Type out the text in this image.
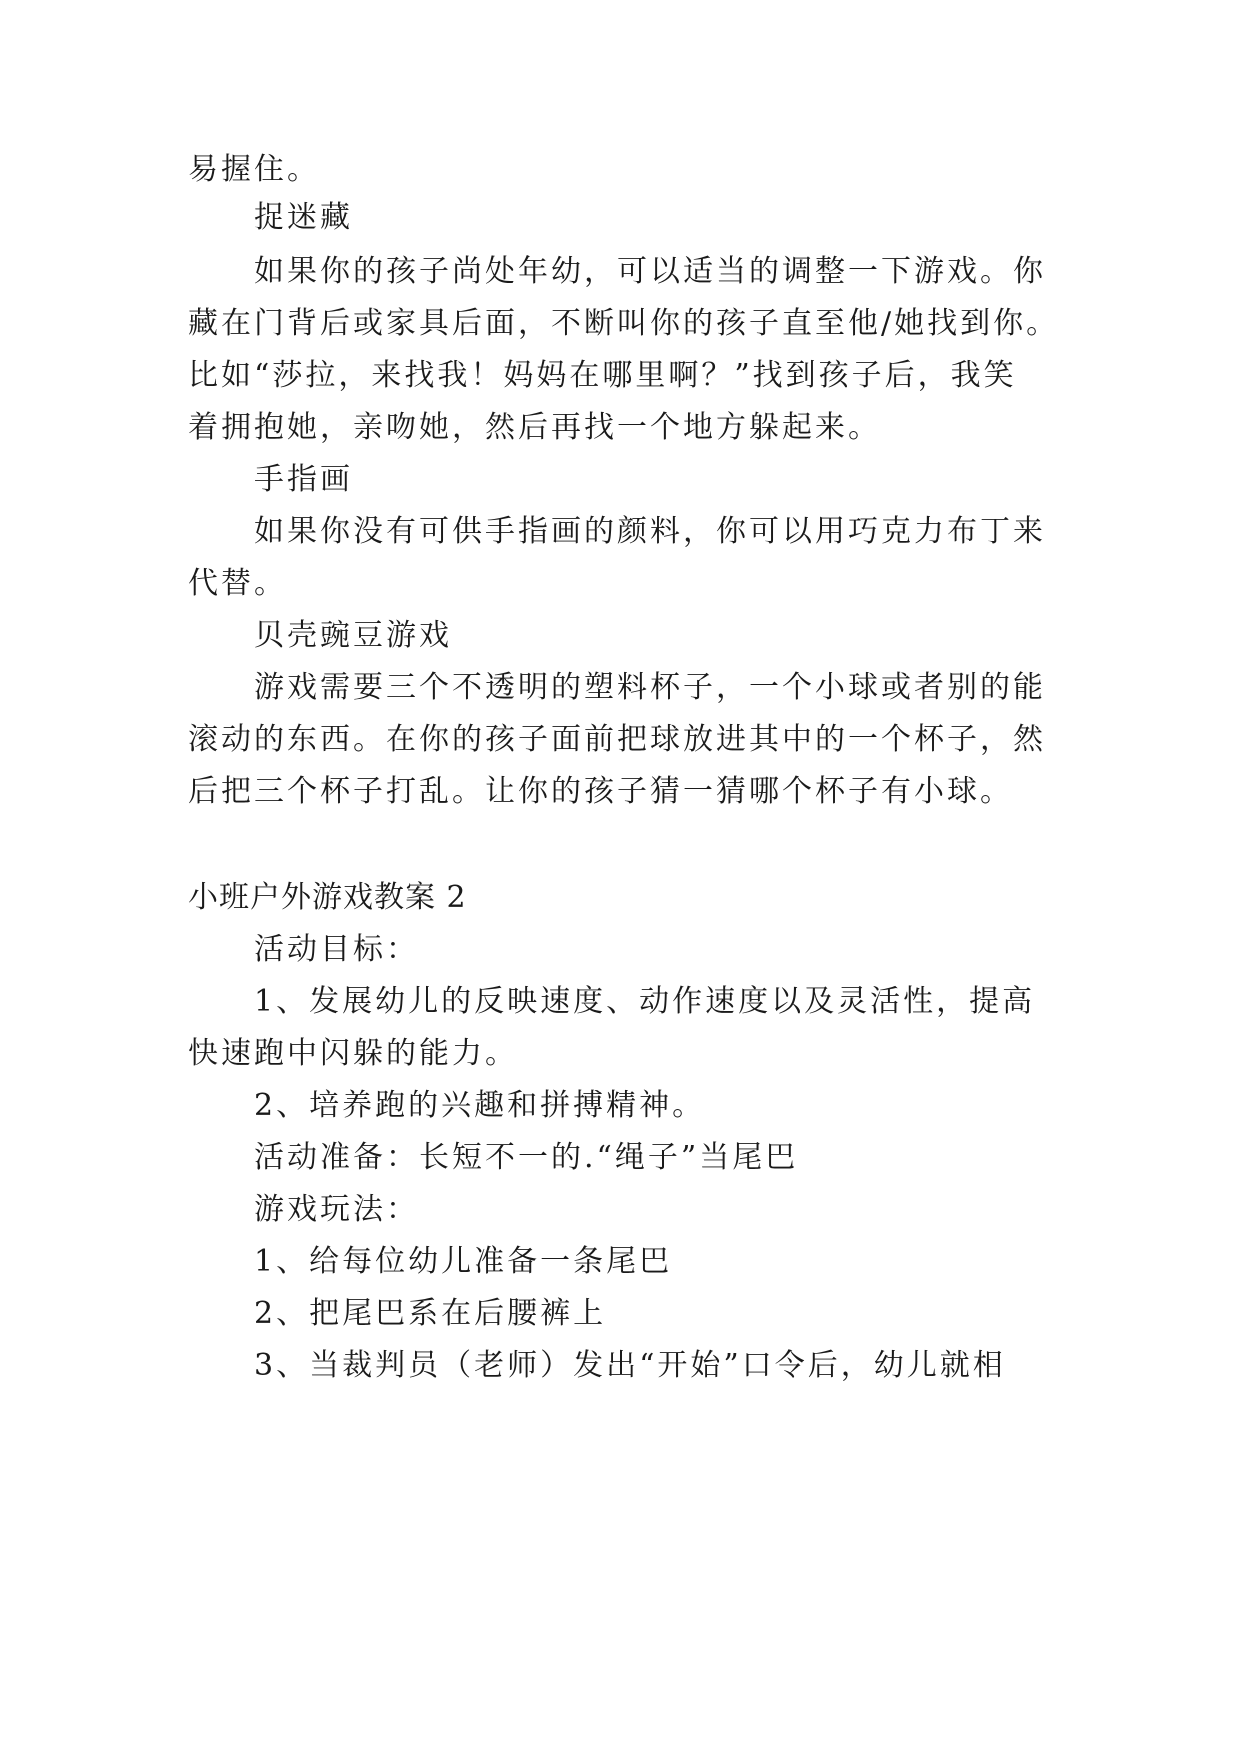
易握住。

捉迷藏

如果你的孩子尚处年幼，可以适当的调整一下游戏。你

藏在门背后或家具后面，不断叫你的孩子直至他/她找到你。

比如“莎拉，来找我！妈妈在哪里啊？”找到孩子后，我笑

着拥抱她，亲吻她，然后再找一个地方躲起来。

手指画

如果你没有可供手指画的颜料，你可以用巧克力布丁来

代替。

贝壳豌豆游戏

游戏需要三个不透明的塑料杯子，一个小球或者别的能

滚动的东西。在你的孩子面前把球放进其中的一个杯子，然

后把三个杯子打乱。让你的孩子猜一猜哪个杯子有小球。

小班户外游戏教案 2

活动目标：

1、发展幼儿的反映速度、动作速度以及灵活性，提高

快速跑中闪躲的能力。

2、培养跑的兴趣和拼搏精神。

活动准备：长短不一的.“绳子”当尾巴

游戏玩法：

1、给每位幼儿准备一条尾巴

2、把尾巴系在后腰裤上

3、当裁判员（老师）发出“开始”口令后，幼儿就相
